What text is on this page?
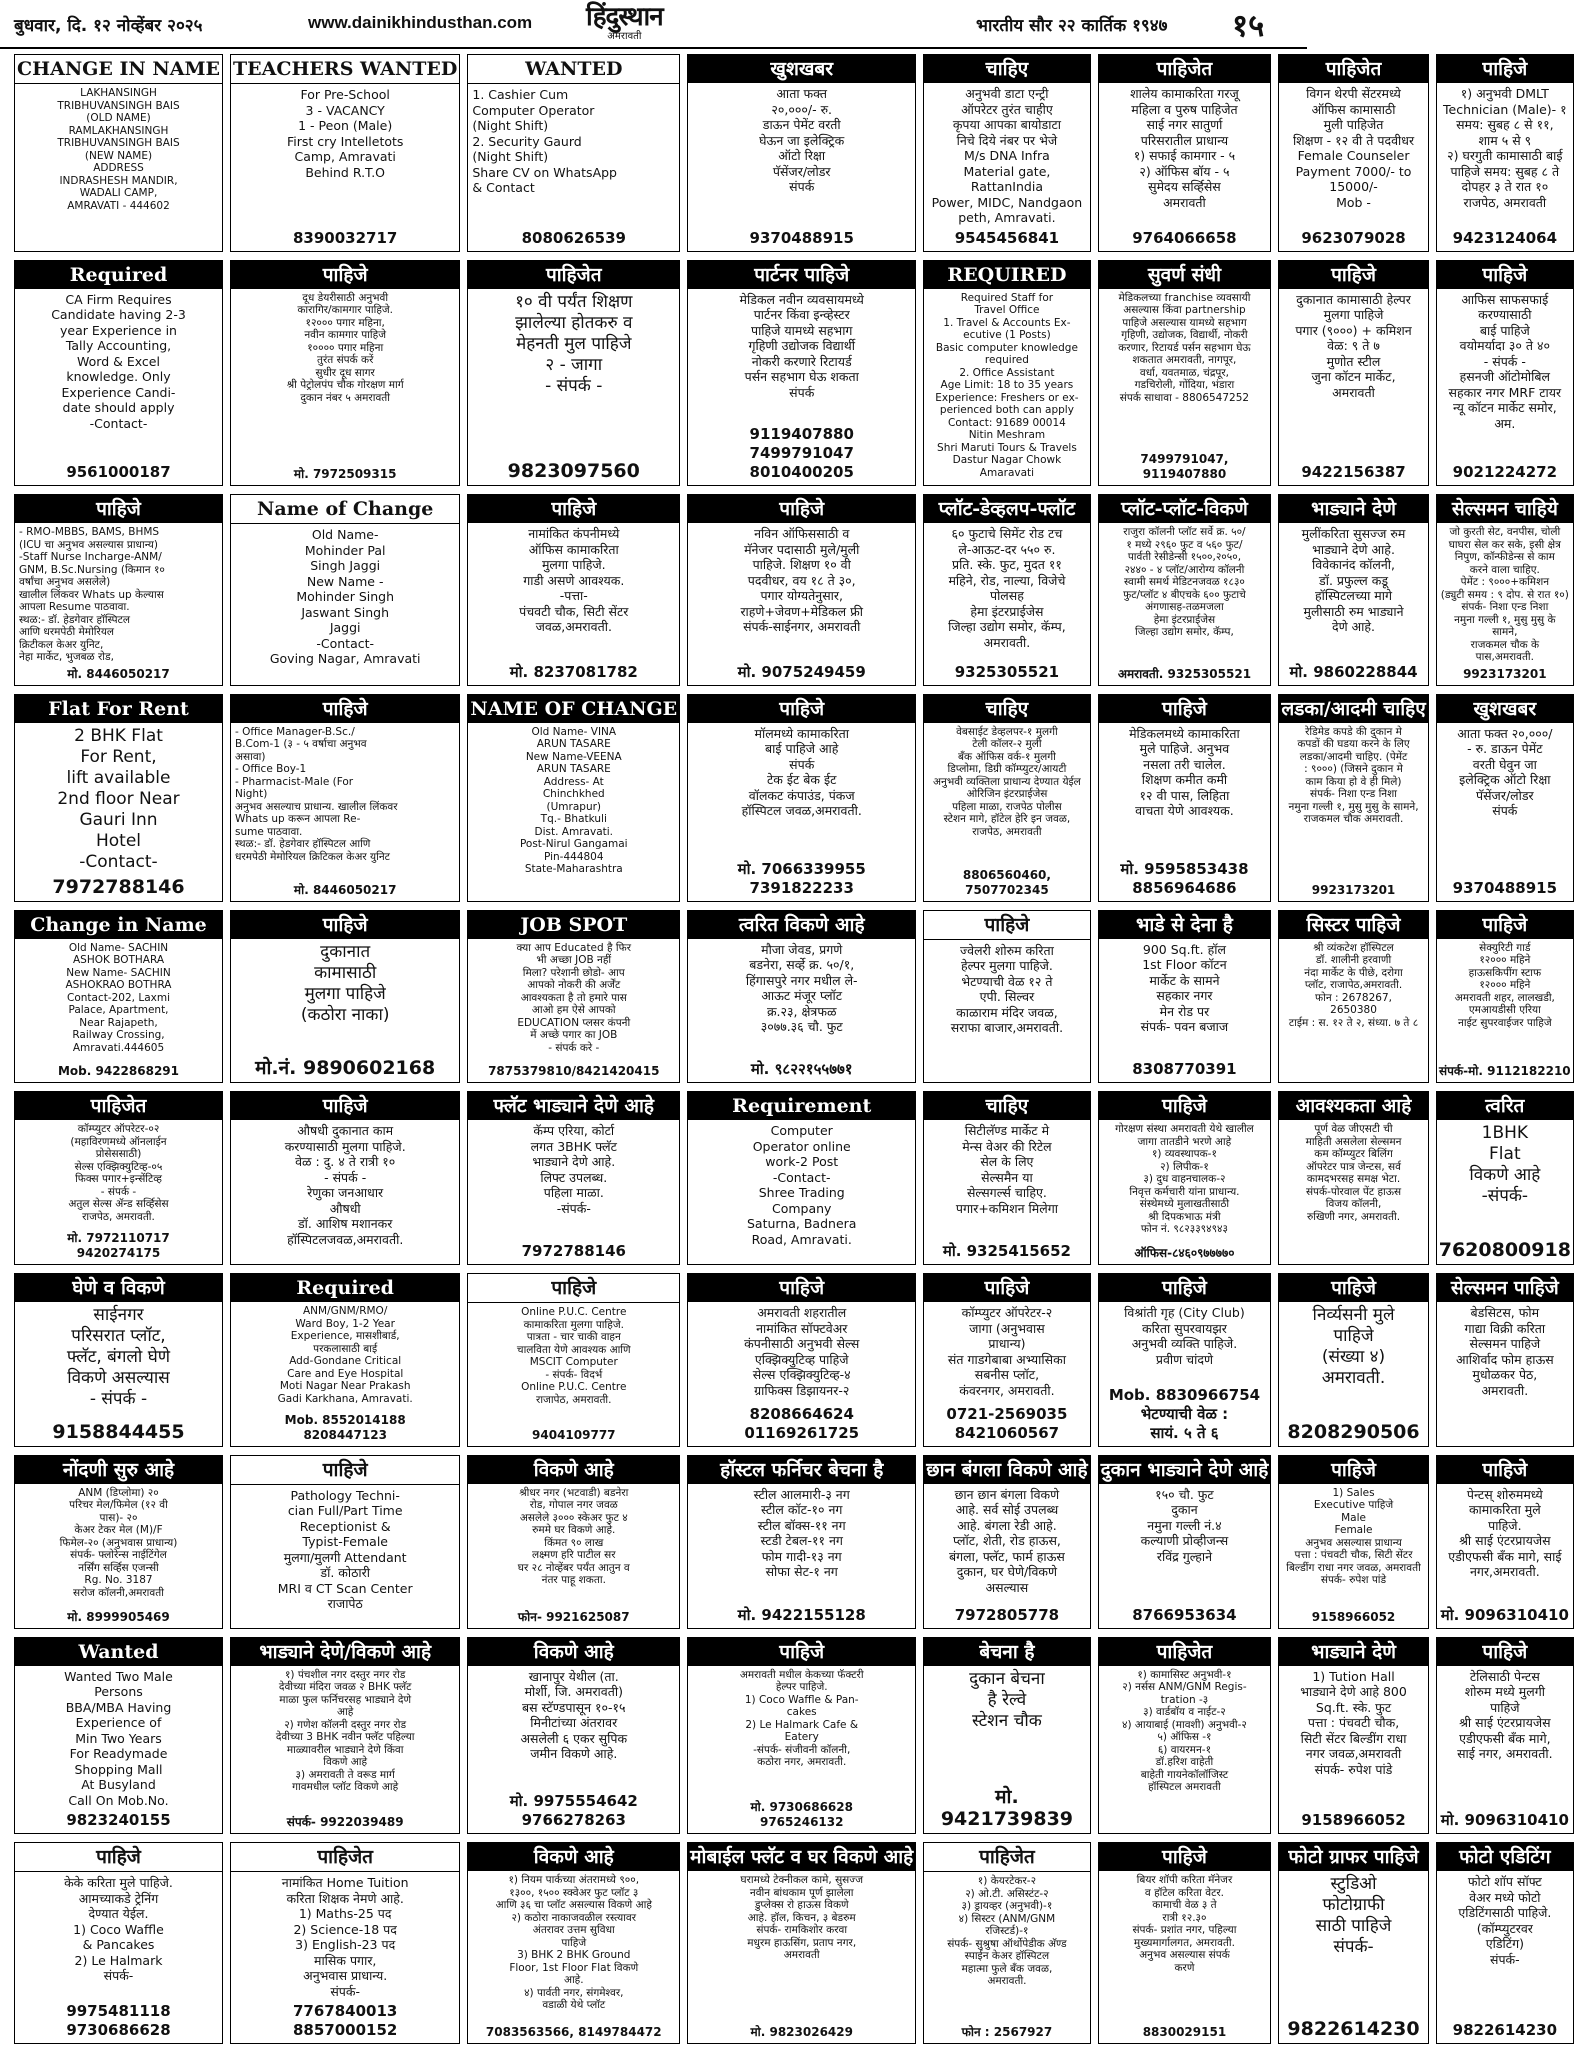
बुधवार, दि. १२ नोव्हेंबर २०२५	www.dainikhindusthan.com हिंदुस्थान
अमरावती
भारतीय सौर २२ कार्तिक १९४७ १५
CHANGE IN NAME
LAKHANSINGH
TRIBHUVANSINGH BAIS
(OLD NAME)
RAMLAKHANSINGH
TRIBHUVANSINGH BAIS
(NEW NAME)
ADDRESS
INDRASHESH MANDIR,
WADALI CAMP,
AMRAVATI - 444602
TEACHERS WANTED
For Pre-School
3 - VACANCY
1 - Peon (Male)
First cry Intelletots
Camp, Amravati
Behind R.T.O
8390032717
WANTED
1. Cashier Cum
Computer Operator
(Night Shift)
2. Security Gaurd
(Night Shift)
Share CV on WhatsApp
& Contact
8080626539
खुशखबर
आता फक्त
२०,०००/- रु.
डाऊन पेमेंट वरती
घेऊन जा इलेक्ट्रिक
ऑटो रिक्षा
पॅसेंजर/लोडर
संपर्क
9370488915
चाहिए
अनुभवी डाटा एन्ट्री
ऑपरेटर तुरंत चाहीए
कृपया आपका बायोडाटा
निचे दिये नंबर पर भेजे
M/s DNA Infra
Material gate, RattanIndia
Power, MIDC, Nandgaon
peth, Amravati.
9545456841
पाहिजेत
शालेय कामाकरिता गरजू
महिला व पुरुष पाहिजेत
साई नगर सातुर्णा
परिसरातील प्राधान्य
१) सफाई कामगार - ५
२) ऑफिस बॉय - ५
सुमेदय सर्व्हिसेस
अमरावती
9764066658
पाहिजेत
विगन थेरपी सेंटरमध्ये
ऑफिस कामासाठी
मुली पाहिजेत
शिक्षण - १२ वी ते पदवीधर
Female Counseler
Payment 7000/- to
15000/-
Mob -
9623079028
पाहिजे
१) अनुभवी DMLT
Technician (Male)- १
समय: सुबह ८ से ११,
शाम ५ से ९
२) घरगुती कामासाठी बाई
पाहिजे समय: सुबह ८ ते
दोपहर ३ ते रात १०
राजपेठ, अमरावती
9423124064
Required
CA Firm Requires
Candidate having 2-3
year Experience in
Tally Accounting,
Word & Excel
knowledge. Only
Experience Candi-
date should apply
-Contact-
9561000187
पाहिजे
दूध डेयरीसाठी अनुभवी
कारागिर/कामगार पाहिजे.
१२००० पगार महिना,
नवीन कामगार पाहिजे
१०००० पगार महिना
तुरंत संपर्क करें
सुधीर दूध सागर
श्री पेट्रोलपंप चौक गोरक्षण मार्ग
दुकान नंबर ५ अमरावती
मो. 7972509315
पाहिजेत
१० वी पर्यंत शिक्षण
झालेल्या होतकरु व
मेहनती मुल पाहिजे
२ - जागा
- संपर्क -
9823097560
पार्टनर पाहिजे
मेडिकल नवीन व्यवसायमध्ये
पार्टनर किंवा इन्व्हेस्टर
पाहिजे यामध्ये सहभाग
गृहिणी उद्योजक विद्यार्थी
नोकरी करणारे रिटायर्ड
पर्सन सहभाग घेऊ शकता
संपर्क
9119407880
7499791047
8010400205
REQUIRED
Required Staff for
Travel Office
1. Travel & Accounts Ex-
ecutive (1 Posts)
Basic computer knowledge
required
2. Office Assistant
Age Limit: 18 to 35 years
Experience: Freshers or ex-
perienced both can apply
Contact: 91689 00014
Nitin Meshram
Shri Maruti Tours & Travels
Dastur Nagar Chowk Amaravati
सुवर्ण संधी
मेडिकलच्या franchise व्यवसायी
असल्यास किंवा partnership
पाहिजे असल्यास यामध्ये सहभाग
गृहिणी, उद्योजक, विद्यार्थी, नोकरी
करणार, रिटायर्ड पर्सन सहभाग घेऊ
शकतात अमरावती, नागपूर,
वर्धा, यवतमाळ, चंद्रपूर,
गडचिरोली, गोंदिया, भंडारा
संपर्क साधावा - 8806547252
7499791047, 9119407880
पाहिजे
दुकानात कामासाठी हेल्पर
मुलगा पाहिजे
पगार (९०००) + कमिशन
वेळ: ९ ते ७
मुणोत स्टील
जुना कॉटन मार्केट,
अमरावती
9422156387
पाहिजे
आफिस साफसफाई
करण्यासाठी
बाई पाहिजे
वयोमर्यादा ३० ते ४०
- संपर्क -
हसनजी ऑटोमोबिल
सहकार नगर MRF टायर
न्यू कॉटन मार्केट समोर, अम.
9021224272
पाहिजे
- RMO-MBBS, BAMS, BHMS
(ICU चा अनुभव असल्यास प्राधान्य)
-Staff Nurse Incharge-ANM/
GNM, B.Sc.Nursing (किमान १०
वर्षांचा अनुभव असलेले)
खालील लिंकवर Whats up केल्यास
आपला Resume पाठवावा.
स्थळ:- डॉ. हेडगेवार हॉस्पिटल
आणि धरमपेठी मेमोरियल
क्रिटीकल केअर युनिट,
नेहा मार्केट, भुजबळ रोड,
मो. 8446050217
Name of Change
Old Name-
Mohinder Pal
Singh Jaggi
New Name -
Mohinder Singh
Jaswant Singh
Jaggi
-Contact-
Goving Nagar, Amravati
पाहिजे
नामांकित कंपनीमध्ये
ऑफिस कामाकरिता
मुलगा पाहिजे.
गाडी असणे आवश्यक.
-पत्ता-
पंचवटी चौक, सिटी सेंटर
जवळ,अमरावती.
मो. 8237081782
पाहिजे
नविन ऑफिससाठी व
मॅनेजर पदासाठी मुले/मुली
पाहिजे. शिक्षण १० वी
पदवीधर, वय १८ ते ३०,
पगार योग्यतेनुसार,
राहणे+जेवण+मेडिकल फ्री
संपर्क-साईनगर, अमरावती
मो. 9075249459
प्लॉट-डेव्हलप-फ्लॉट
६० फुटाचे सिमेंट रोड टच
ले-आऊट-दर ५५० रु.
प्रति. स्के. फुट, मुदत ११
महिने, रोड, नाल्या, विजेचे
पोलसह
हेमा इंटरप्राईजेस
जिल्हा उद्योग समोर, कॅम्प,
अमरावती.
9325305521
प्लॉट-प्लॉट-विकणे
राजुरा कॉलनी प्लॉट सर्वे क्र. ५०/
१ मध्ये २९६० फुट व ५६० फुट/
पार्वती रेसीडेन्सी १५००,२०५०,
२४४० - ४ प्लॉट/आरोग्य कॉलनी
स्वामी समर्थ मेडिटनजवळ १८३०
फुट/प्लॉट ४ बीएचके ६०० फुटाचे
अंगणासह-तळमजला
हेमा इंटरप्राईजेस
जिल्हा उद्योग समोर, कॅम्प,
अमरावती. 9325305521
भाड्याने देणे
मुलींकरिता सुसज्ज रुम
भाड्याने देणे आहे.
विवेकानंद कॉलनी,
डॉ. प्रफुल्ल कडू
हॉस्पिटलच्या मागे
मुलीसाठी रुम भाड्याने
देणे आहे.
मो. 9860228844
सेल्समन चाहिये
जो कुरती सेट, वनपीस, चोली
घाघरा सेल कर सके, इसी क्षेत्र
निपुण, कॉन्फीडेन्स से काम
करने वाला चाहिए.
पेमेंट : ९०००+कमिशन
(ड्युटी समय : ९ दोप. से रात १०)
संपर्क- निशा एन्ड निशा
नमुना गल्ली १, मुसु मुसु के सामने,
राजकमल चौक के पास,अमरावती.
9923173201
Flat For Rent
2 BHK Flat
For Rent,
lift available
2nd floor Near
Gauri Inn
Hotel
-Contact-
7972788146
पाहिजे
- Office Manager-B.Sc./
B.Com-1 (३ - ५ वर्षाचा अनुभव
असावा)
- Office Boy-1
- Pharmacist-Male (For
Night)
अनुभव असल्याच प्राधान्य. खालील लिंकवर
Whats up करून आपला Re-
sume पाठवावा.
स्थळ:- डॉ. हेडगेवार हॉस्पिटल आणि
धरमपेठी मेमोरियल क्रिटिकल केअर युनिट
मो. 8446050217
NAME OF CHANGE
Old Name- VINA
ARUN TASARE
New Name-VEENA
ARUN TASARE
Address- At
Chinchkhed
(Umrapur)
Tq.- Bhatkuli
Dist. Amravati.
Post-Nirul Gangamai
Pin-444804
State-Maharashtra
पाहिजे
मॉलमध्ये कामाकरिता
बाई पाहिजे आहे
संपर्क
टेक ईट बेक ईट
वॉलकट कंपाउंड, पंकज
हॉस्पिटल जवळ,अमरावती.
मो. 7066339955
7391822233
चाहिए
वेबसाईट डेव्हलपर-१ मुलगी
टेली कॉलर-२ मुली
बँक ऑफिस वर्क-१ मुलगी
डिप्लोमा, डिग्री कॉम्प्युटर/आयटी
अनुभवी व्यक्तिला प्राधान्य देण्यात येईल
ओरिजिन इंटरप्राईजेस
पहिला माळा, राजपेठ पोलीस
स्टेशन मागे, हॉटेल हेरि इन जवळ,
राजपेठ, अमरावती
8806560460, 7507702345
पाहिजे
मेडिकलमध्ये कामाकरिता
मुले पाहिजे. अनुभव
नसला तरी चालेल.
शिक्षण कमीत कमी
१२ वी पास, लिहिता
वाचता येणे आवश्यक.
मो. 9595853438
8856964686
लडका/आदमी चाहिए
रेडिमेड कपडे की दुकान मे
कपडों की घडया करने के लिए
लडका/आदमी चाहिए. (पेमेंट
: ९०००) (जिसने दुकान मे
काम किया हो वे ही मिले)
संपर्क- निशा एन्ड निशा
नमुना गल्ली १, मुसु मुसु के सामने,
राजकमल चौक अमरावती.
9923173201
खुशखबर
आता फक्त २०,०००/
- रु. डाऊन पेमेंट
वरती घेवुन जा
इलेक्ट्रिक ऑटो रिक्षा
पॅसेंजर/लोडर
संपर्क
9370488915
Change in Name
Old Name- SACHIN
ASHOK BOTHARA
New Name- SACHIN
ASHOKRAO BOTHRA
Contact-202, Laxmi
Palace, Apartment,
Near Rajapeth,
Railway Crossing,
Amravati.444605
Mob. 9422868291
पाहिजे
दुकानात
कामासाठी
मुलगा पाहिजे
(कठोरा नाका)
मो.नं. 9890602168
JOB SPOT
क्या आप Educated है फिर
भी अच्छा JOB नहीं
मिला? परेशानी छोडो- आप
आपको नोकरी की अर्जेंट
आवश्यकता है तो हमारे पास
आओ हम ऐसे आपको
EDUCATION प्लसर कंपनी
में अच्छे पगार का JOB
- संपर्क करे -
7875379810/8421420415
त्वरित विकणे आहे
मौजा जेवड, प्रगणे
बडनेरा, सर्व्हे क्र. ५०/१,
हिंगासपुरे नगर मधील ले-
आऊट मंजूर प्लॉट
क्र.२३, क्षेत्रफळ
३०७७.३६ चौ. फुट
मो. ९८२२१५५७७१
पाहिजे
ज्वेलरी शोरुम करिता
हेल्पर मुलगा पाहिजे.
भेटण्याची वेळ १२ ते
एपी. सिल्वर
काळाराम मंदिर जवळ,
सराफा बाजार,अमरावती.
भाडे से देना है
900 Sq.ft. हॉल
1st Floor कॉटन
मार्केट के सामने
सहकार नगर
मेन रोड पर
संपर्क- पवन बजाज
8308770391
सिस्टर पाहिजे
श्री व्यंकटेश हॉस्पिटल
डॉ. शालीनी हरवाणी
नंदा मार्केट के पीछे, दरोगा
प्लॉट, राजापेठ,अमरावती.
फोन : 2678267,
2650380
टाईम : स. १२ ते २, संध्या. ७ ते ८
पाहिजे
सेक्युरिटी गार्ड
१२००० महिने
हाऊसकिपींग स्टाफ
१२००० महिने
अमरावती शहर, लालखडी,
एमआयडीसी एरिया
नाईट सुपरवाईजर पाहिजे
संपर्क-मो. 9112182210
पाहिजेत
कॉम्प्युटर ऑपरेटर-०२
(महाविरणमध्ये ऑनलाईन
प्रोसेससाठी)
सेल्स एक्झिक्युटिव्ह-०५
फिक्स पगार+इन्सेंटिव्ह
- संपर्क -
अतुल सेल्स ॲन्ड सर्व्हिसेस
राजपेठ, अमरावती.
मो. 7972110717
9420274175
पाहिजे
औषधी दुकानात काम
करण्यासाठी मुलगा पाहिजे.
वेळ : दु. ४ ते रात्री १०
- संपर्क -
रेणुका जनआधार
औषधी
डॉ. आशिष मशानकर
हॉस्पिटलजवळ,अमरावती.
फ्लॅट भाड्याने देणे आहे
कॅम्प एरिया, कोर्टा
लगत 3BHK फ्लॅट
भाड्याने देणे आहे.
लिफ्ट उपलब्ध.
पहिला माळा.
-संपर्क-
7972788146
Requirement
Computer
Operator online
work-2 Post
-Contact-
Shree Trading
Company
Saturna, Badnera
Road, Amravati.
चाहिए
सिटीलॅण्ड मार्केट मे
मेन्स वेअर की रिटेल
सेल के लिए
सेल्समैन या
सेल्सगर्ल्स चाहिए.
पगार+कमिशन मिलेगा
मो. 9325415652
पाहिजे
गोरक्षण संस्था अमरावती येथे खालील
जागा तातडीने भरणे आहे
१) व्यवस्थापक-१
२) लिपीक-१
३) दुध वाहनचालक-२
निवृत्त कर्मचारी यांना प्राधान्य.
संस्थेमध्ये मुलाखतीसाठी
श्री दिपकभाऊ मंत्री
फोन नं. ९८२३३९४९४३
ऑफिस-८४६०९७७७७०
आवश्यकता आहे
पूर्ण वेळ जीएसटी ची
माहिती असलेला सेल्समन
कम कॉम्प्युटर बिलिंग
ऑपरेटर पात्र जेन्टस, सर्व
कामदभरसह समक्ष भेटा.
संपर्क-पोरवाल पेंट हाऊस
विजय कॉलनी,
रुखिणी नगर, अमरावती.
त्वरित
1BHK
Flat
विकणे आहे
-संपर्क-
7620800918
घेणे व विकणे
साईनगर
परिसरात प्लॉट,
फ्लॅट, बंगलो घेणे
विकणे असल्यास
- संपर्क -
9158844455
Required
ANM/GNM/RMO/
Ward Boy, 1-2 Year
Experience, मासशीबार्ड,
परकलासाठी बाई
Add-Gondane Critical
Care and Eye Hospital
Moti Nagar Near Prakash
Gadi Karkhana, Amravati.
Mob. 8552014188
8208447123
पाहिजे
Online P.U.C. Centre
कामाकरिता मुलगा पाहिजे.
पात्रता - चार चाकी वाहन
चालविता येणे आवश्यक आणि
MSCIT Computer
- संपर्क- विदर्भ
Online P.U.C. Centre
राजापेठ, अमरावती.
9404109777
पाहिजे
अमरावती शहरातील
नामांकित सॉफ्टवेअर
कंपनीसाठी अनुभवी सेल्स
एक्झिक्युटिव्ह पाहिजे
सेल्स एक्झिक्युटिव्ह-४
ग्राफिक्स डिझायनर-२
8208664624
01169261725
पाहिजे
कॉम्प्युटर ऑपरेटर-२
जागा (अनुभवास
प्राधान्य)
संत गाडगेबाबा अभ्यासिका
सबनीस प्लॉट,
कंवरनगर, अमरावती.
0721-2569035
8421060567
पाहिजे
विश्रांती गृह (City Club)
करिता सुपरवायझर
अनुभवी व्यक्ति पाहिजे.
प्रवीण चांदणे
Mob. 8830966754
भेटण्याची वेळ :
सायं. ५ ते ६
पाहिजे
निर्व्यसनी मुले
पाहिजे
(संख्या ४)
अमरावती.
8208290506
सेल्समन पाहिजे
बेडसिटस, फोम
गाद्या विक्री करिता
सेल्समन पाहिजे
आशिर्वाद फोम हाऊस
मुधोळकर पेठ,
अमरावती.
नोंदणी सुरु आहे
ANM (डिप्लोमा) २०
परिचर मेल/फिमेल (१२ वी
पास)- २०
केअर टेकर मेल (M)/F
फिमेल-२० (अनुभवास प्राधान्य)
संपर्क- फ्लोरेन्स नाईटिंगेल
नर्सिंग सर्व्हिस एजन्सी
Rg. No. 3187
सरोज कॉलनी,अमरावती
मो. 8999905469
पाहिजे
Pathology Techni-
cian Full/Part Time
Receptionist &
Typist-Female
मुलगा/मुलगी Attendant
डॉ. कोठारी
MRI व CT Scan Center
राजापेठ
विकणे आहे
श्रीधर नगर (भटवाडी) बडनेरा
रोड, गोपाल नगर जवळ
असलेले ३००० स्केअर फुट ४
रुममे घर विकणे आहे.
किंमत ९० लाख
लक्ष्मण हरि पाटील सर
घर २८ नोव्हेंबर पर्यंत आतुन व
नंतर पाहू शकता.
फोन- 9921625087
हॉस्टल फर्निचर बेचना है
स्टील आलमारी-३ नग
स्टील कॉट-१० नग
स्टील बॉक्स-११ नग
स्टडी टेबल-११ नग
फोम गादी-१३ नग
सोफा सेट-१ नग
मो. 9422155128
छान बंगला विकणे आहे
छान छान बंगला विकणे
आहे. सर्व सोई उपलब्ध
आहे. बंगला रेडी आहे.
प्लॉट, शेती, रोड हाऊस,
बंगला, फ्लॅट, फार्म हाऊस
दुकान, घर घेणे/विकणे
असल्यास
7972805778
दुकान भाड्याने देणे आहे
१५० चौ. फुट
दुकान
नमुना गल्ली नं.४
कल्याणी प्रोव्हीजन्स
रविंद्र गुल्हाने
8766953634
पाहिजे
1) Sales
Executive पाहिजे
Male
Female
अनुभव असल्यास प्राधान्य
पत्ता : पंचवटी चौक, सिटी सेंटर
बिल्डींग राधा नगर जवळ, अमरावती
संपर्क- रुपेश पांडे
9158966052
पाहिजे
पेन्टस् शोरुममध्ये
कामाकरिता मुले
पाहिजे.
श्री साई एंटरप्रायजेस
एडीएफसी बँक मागे, साई
नगर,अमरावती.
मो. 9096310410
Wanted
Wanted Two Male
Persons
BBA/MBA Having
Experience of
Min Two Years
For Readymade
Shopping Mall
At Busyland
Call On Mob.No.
9823240155
भाड्याने देणे/विकणे आहे
१) पंचशील नगर दस्तुर नगर रोड
देवीच्या मंदिरा जवळ २ BHK फ्लॅट
माळा फुल फर्निचरसह भाड्याने देणे
आहे
२) गणेश कॉलनी दस्तुर नगर रोड
देवीच्या 3 BHK नवीन फ्लॅट पहिल्या
माळ्यावरील भाड्याने देणे किंवा
विकणे आहे
३) अमरावती ते वरूड मार्ग
गावमधील प्लॉट विकणे आहे
संपर्क- 9922039489
विकणे आहे
खानापुर येथील (ता.
मोर्शी, जि. अमरावती)
बस स्टॅण्डपासून १०-१५
मिनीटांच्या अंतरावर
असलेली ६ एकर सुपिक
जमीन विकणे आहे.
मो. 9975554642
9766278263
पाहिजे
अमरावती मधील केकच्या फॅक्टरी
हेल्पर पाहिजे.
1) Coco Waffle & Pan-
cakes
2) Le Halmark Cafe &
Eatery
-संपर्क- संजीवनी कॉलनी,
कठोरा नगर, अमरावती.
मो. 9730686628
9765246132
बेचना है
दुकान बेचना
है रेल्वे
स्टेशन चौक
मो. 9421739839
पाहिजेत
१) कामासिस्ट अनुभवी-१
२) नर्सस ANM/GNM Regis-
tration -३
३) वार्डबॉय व नाईट-२
४) आयाबाई (मावशी) अनुभवी-२
५) ऑफिस -१
६) वायरमन-१
डॉ.हरिश वाहेती
बाहेती गायनेकॉलॉजिस्ट
हॉस्पिटल अमरावती
भाड्याने देणे
1) Tution Hall
भाड्याने देणे आहे 800
Sq.ft. स्के. फुट
पत्ता : पंचवटी चौक,
सिटी सेंटर बिल्डींग राधा
नगर जवळ,अमरावती
संपर्क- रुपेश पांडे
9158966052
पाहिजे
टेलिसाठी पेन्टस
शोरुम मध्ये मुलगी
पाहिजे
श्री साई एंटरप्रायजेस
एडीएफसी बँक मागे,
साई नगर, अमरावती.
मो. 9096310410
पाहिजे
केके करिता मुले पाहिजे.
आमच्याकडे ट्रेनिंग
देण्यात येईल.
1) Coco Waffle
& Pancakes
2) Le Halmark
संपर्क-
9975481118
9730686628
पाहिजेत
नामांकित Home Tuition
करिता शिक्षक नेमणे आहे.
1) Maths-25 पद
2) Science-18 पद
3) English-23 पद
मासिक पगार,
अनुभवास प्राधान्य.
संपर्क-
7767840013
8857000152
विकणे आहे
१) नियम पार्कच्या अंतरामध्ये ९००,
१३००, १५०० स्क्वेअर फुट प्लॉट ३
आणि ३६ चा प्लॉट असल्यास विकणे आहे
२) कठोरा नाकाजवळील रस्त्यावर
अंतरावर उत्तम सुविधा
पाहिजे
3) BHK 2 BHK Ground
Floor, 1st Floor Flat विकणे
आहे.
४) पार्वती नगर, संगमेश्वर,
वडाळी येथे प्लॉट
7083563566, 8149784472
मोबाईल फ्लॅट व घर विकणे आहे
घरामध्ये टेक्नीकल कामे, सुसज्ज
नवीन बांधकाम पूर्ण झालेला
डुप्लेक्स रो हाऊस विकणे
आहे. हॉल, किचन, ३ बेडरुम
संपर्क- रामकिशोर करवा
मधुरम हाऊसिंग, प्रताप नगर,
अमरावती
मो. 9823026429
पाहिजेत
१) केयरटेकर-२
२) ओ.टी. असिस्टंट-२
३) ड्रायव्हर (अनुभवी)-१
४) सिस्टर (ANM/GNM
रजिस्टर्ड)-१
संपर्क- सुश्रुषा ऑर्थोपेडीक अ‍ॅण्ड
स्पाईन केअर हॉस्पिटल
महात्मा फुले बँक जवळ,
अमरावती.
फोन : 2567927
पाहिजे
बियर शॉपी करिता मॅनेजर
व हॉटेल करिता वेटर.
कामाची वेळ ३ ते
रात्री १२.३०
संपर्क- प्रशांत नगर, पहिल्या
मुख्यमार्गालगत, अमरावती.
अनुभव असल्यास संपर्क
करणे
8830029151
फोटो ग्राफर पाहिजे
स्टुडिओ
फोटोग्राफी
साठी पाहिजे
संपर्क-
9822614230
फोटो एडिटिंग
फोटो शॉप सॉफ्ट
वेअर मध्ये फोटो
एडिटिंगसाठी पाहिजे.
(कॉम्प्युटरवर
एडिटिंग)
संपर्क-
9822614230
